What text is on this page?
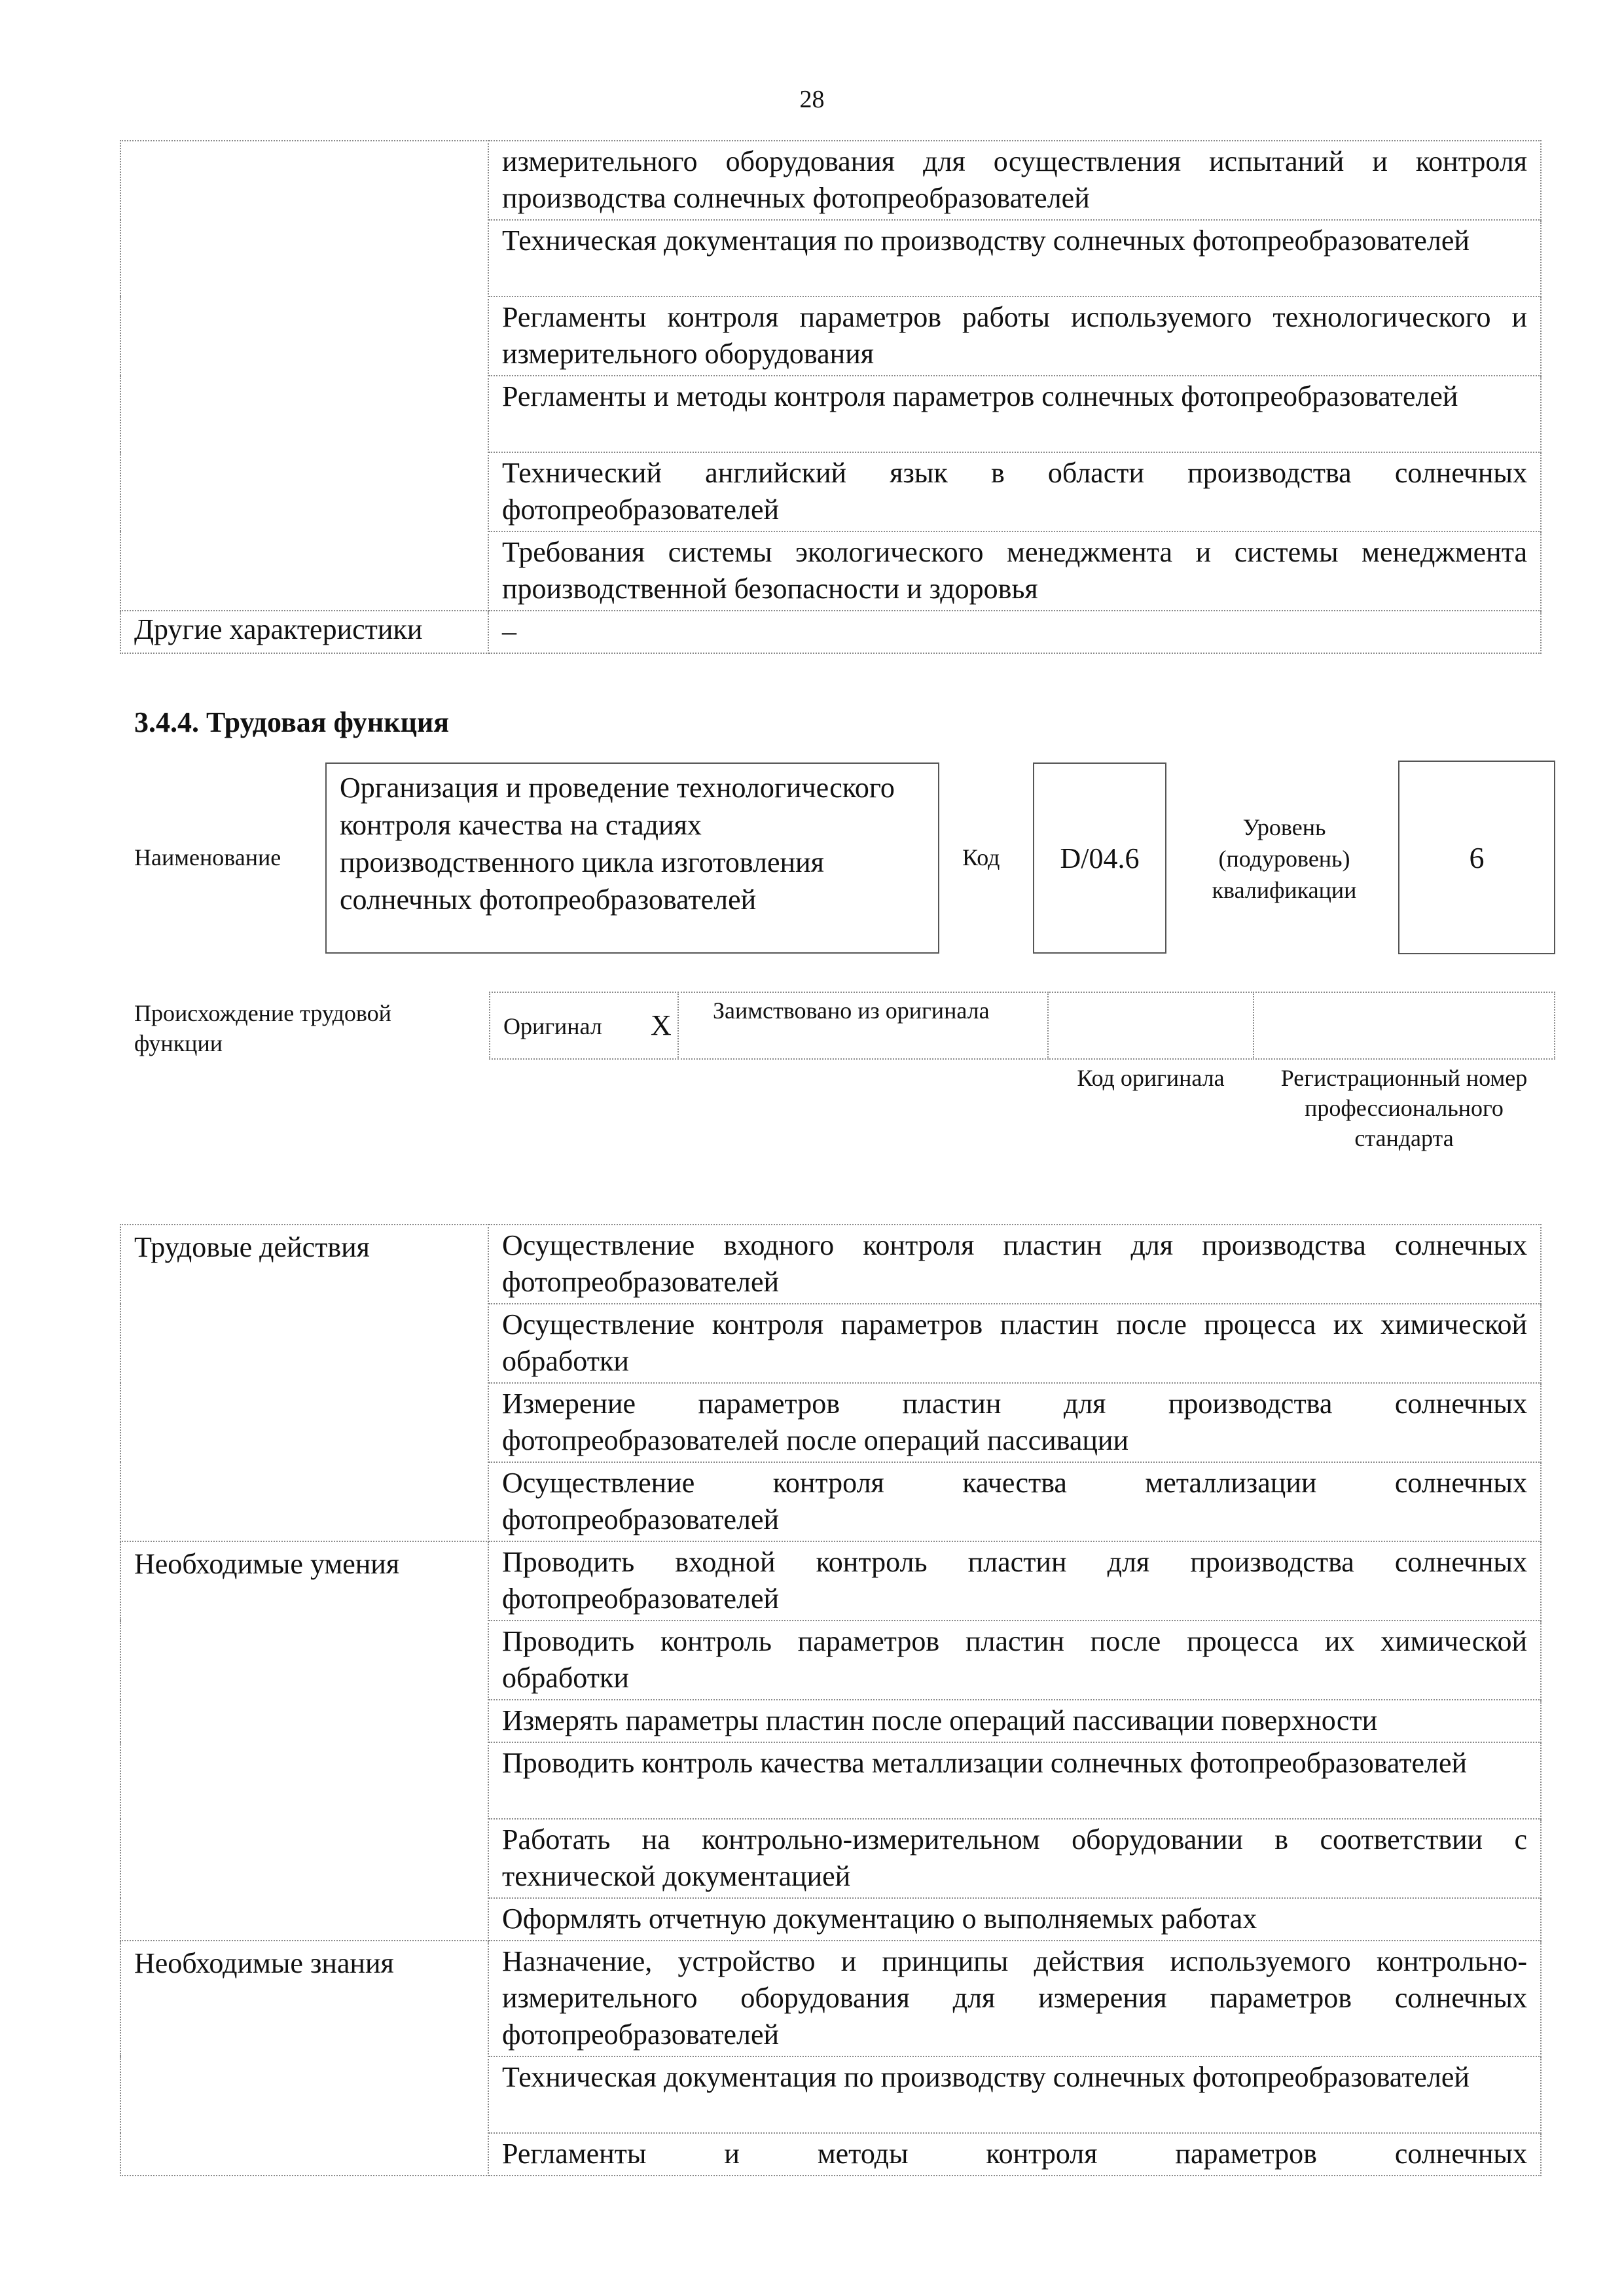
28
	измерительного оборудования для осуществления испытаний и контроля производства солнечных фотопреобразователей
	Техническая документация по производству солнечных фотопреобразователей
	Регламенты контроля параметров работы используемого технологического и измерительного оборудования
	Регламенты и методы контроля параметров солнечных фотопреобразователей
	Технический английский язык в области производства солнечных фотопреобразователей
	Требования системы экологического менеджмента и системы менеджмента производственной безопасности и здоровья
Другие характеристики	–
3.4.4. Трудовая функция
Наименование
Организация и проведение технологического контроля качества на стадиях производственного цикла изготовления солнечных фотопреобразователей
Код D/04.6
Уровень (подуровень) квалификации
6
Происхождение трудовой функции
Оригинал X Заимствовано из оригинала
Код оригинала	Регистрационный номер профессионального стандарта
Трудовые действия	Осуществление входного контроля пластин для производства солнечных фотопреобразователей
	Осуществление контроля параметров пластин после процесса их химической обработки
	Измерение параметров пластин для производства солнечных фотопреобразователей после операций пассивации
	Осуществление контроля качества металлизации солнечных фотопреобразователей
Необходимые умения	Проводить входной контроль пластин для производства солнечных фотопреобразователей
	Проводить контроль параметров пластин после процесса их химической обработки
	Измерять параметры пластин после операций пассивации поверхности
	Проводить контроль качества металлизации солнечных фотопреобразователей
	Работать на контрольно-измерительном оборудовании в соответствии с технической документацией
	Оформлять отчетную документацию о выполняемых работах
Необходимые знания	Назначение, устройство и принципы действия используемого контрольно-измерительного оборудования для измерения параметров солнечных фотопреобразователей
	Техническая документация по производству солнечных фотопреобразователей
	Регламенты и методы контроля параметров солнечных
